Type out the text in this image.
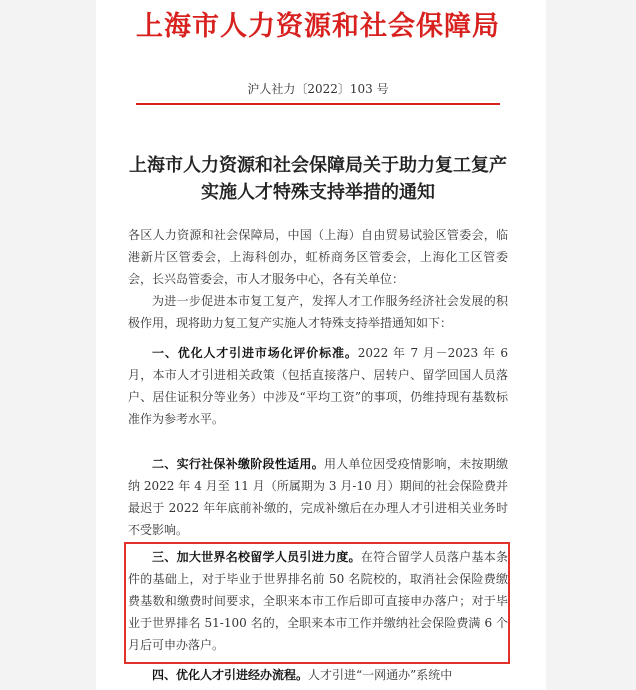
上海市人力资源和社会保障局
沪人社力〔2022〕103 号
上海市人力资源和社会保障局关于助力复工复产
实施人才特殊支持举措的通知
各区人力资源和社会保障局，中国（上海）自由贸易试验区管委会，临港新片区管委会，上海科创办，虹桥商务区管委会，上海化工区管委会，长兴岛管委会，市人才服务中心，各有关单位：
为进一步促进本市复工复产，发挥人才工作服务经济社会发展的积极作用，现将助力复工复产实施人才特殊支持举措通知如下：
一、优化人才引进市场化评价标准。2022 年 7 月－2023 年 6 月，本市人才引进相关政策（包括直接落户、居转户、留学回国人员落户、居住证积分等业务）中涉及“平均工资”的事项，仍维持现有基数标准作为参考水平。
二、实行社保补缴阶段性适用。用人单位因受疫情影响，未按期缴纳 2022 年 4 月至 11 月（所属期为 3 月-10 月）期间的社会保险费并最迟于 2022 年年底前补缴的，完成补缴后在办理人才引进相关业务时不受影响。
三、加大世界名校留学人员引进力度。在符合留学人员落户基本条件的基础上，对于毕业于世界排名前 50 名院校的，取消社会保险费缴费基数和缴费时间要求，全职来本市工作后即可直接申办落户；对于毕业于世界排名 51-100 名的，全职来本市工作并缴纳社会保险费满 6 个月后可申办落户。
四、优化人才引进经办流程。人才引进“一网通办”系统中
